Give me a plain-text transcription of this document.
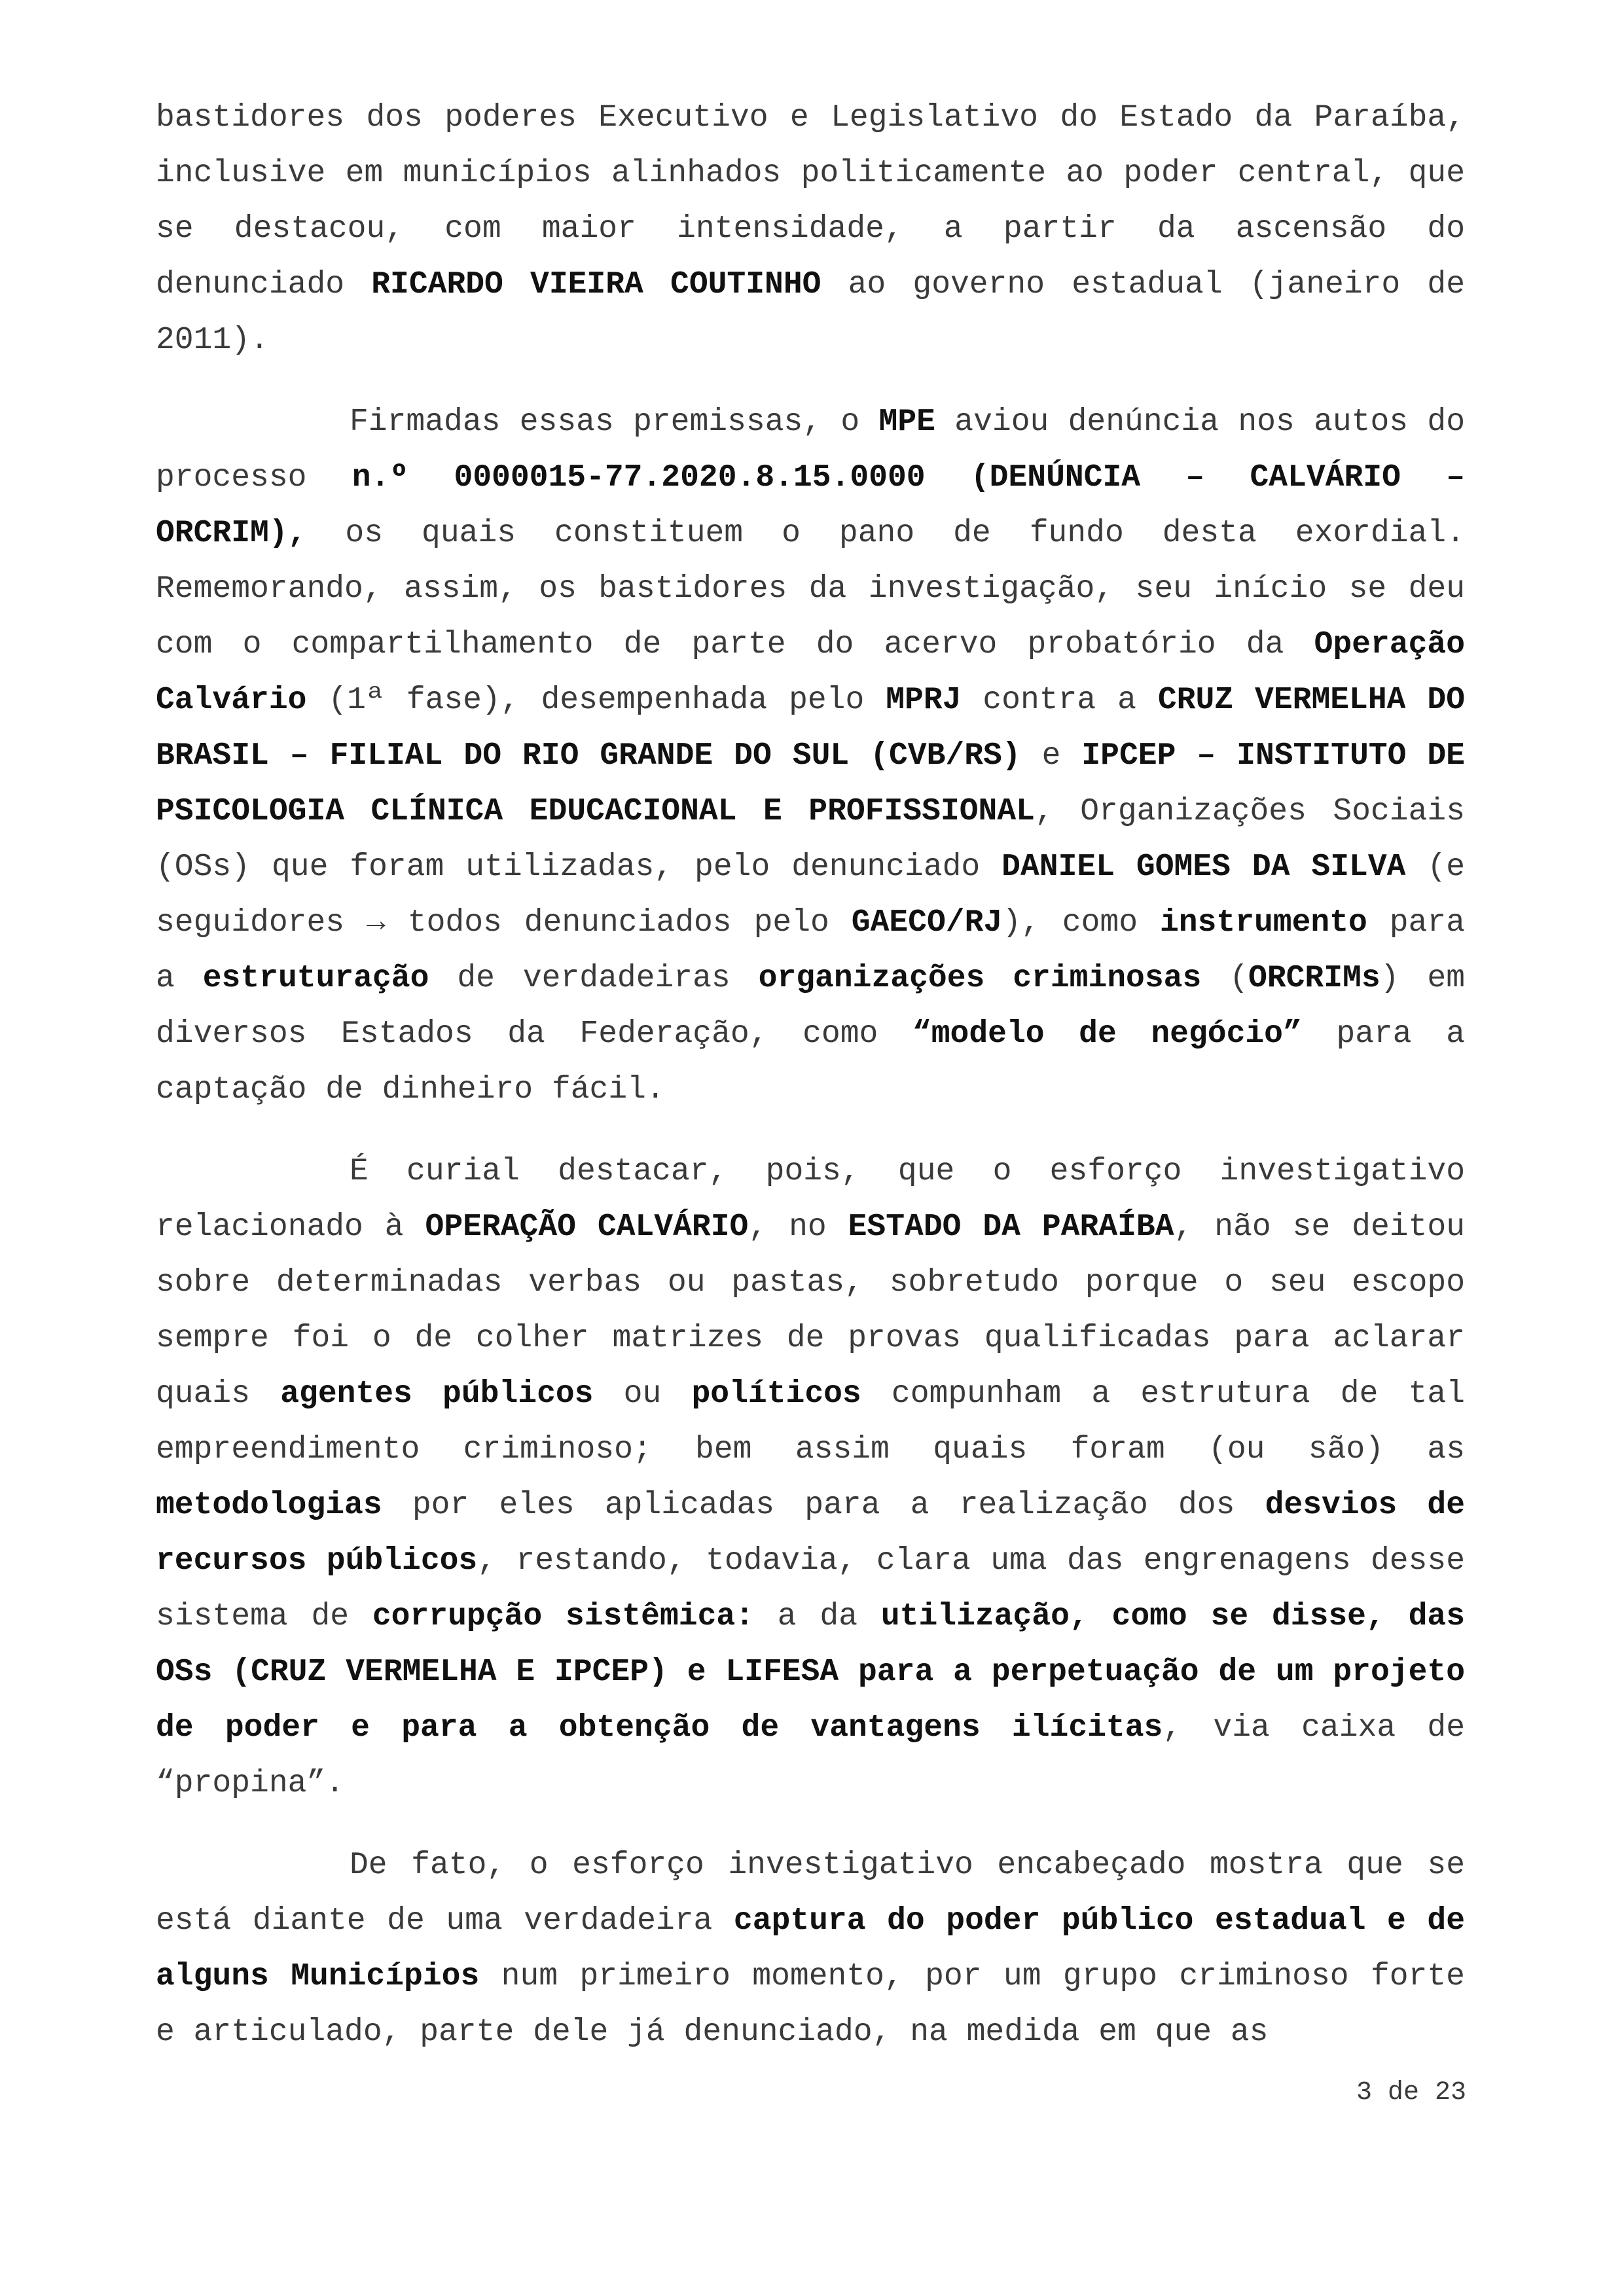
bastidores dos poderes Executivo e Legislativo do Estado da Paraíba, inclusive em municípios alinhados politicamente ao poder central, que se destacou, com maior intensidade, a partir da ascensão do denunciado RICARDO VIEIRA COUTINHO ao governo estadual (janeiro de 2011).

Firmadas essas premissas, o MPE aviou denúncia nos autos do processo n.º 0000015-77.2020.8.15.0000 (DENÚNCIA – CALVÁRIO – ORCRIM), os quais constituem o pano de fundo desta exordial. Rememorando, assim, os bastidores da investigação, seu início se deu com o compartilhamento de parte do acervo probatório da Operação Calvário (1ª fase), desempenhada pelo MPRJ contra a CRUZ VERMELHA DO BRASIL – FILIAL DO RIO GRANDE DO SUL (CVB/RS) e IPCEP – INSTITUTO DE PSICOLOGIA CLÍNICA EDUCACIONAL E PROFISSIONAL, Organizações Sociais (OSs) que foram utilizadas, pelo denunciado DANIEL GOMES DA SILVA (e seguidores → todos denunciados pelo GAECO/RJ), como instrumento para a estruturação de verdadeiras organizações criminosas (ORCRIMs) em diversos Estados da Federação, como “modelo de negócio” para a captação de dinheiro fácil.

É curial destacar, pois, que o esforço investigativo relacionado à OPERAÇÃO CALVÁRIO, no ESTADO DA PARAÍBA, não se deitou sobre determinadas verbas ou pastas, sobretudo porque o seu escopo sempre foi o de colher matrizes de provas qualificadas para aclarar quais agentes públicos ou políticos compunham a estrutura de tal empreendimento criminoso; bem assim quais foram (ou são) as metodologias por eles aplicadas para a realização dos desvios de recursos públicos, restando, todavia, clara uma das engrenagens desse sistema de corrupção sistêmica: a da utilização, como se disse, das OSs (CRUZ VERMELHA E IPCEP) e LIFESA para a perpetuação de um projeto de poder e para a obtenção de vantagens ilícitas, via caixa de “propina”.

De fato, o esforço investigativo encabeçado mostra que se está diante de uma verdadeira captura do poder público estadual e de alguns Municípios num primeiro momento, por um grupo criminoso forte e articulado, parte dele já denunciado, na medida em que as

3 de 23
